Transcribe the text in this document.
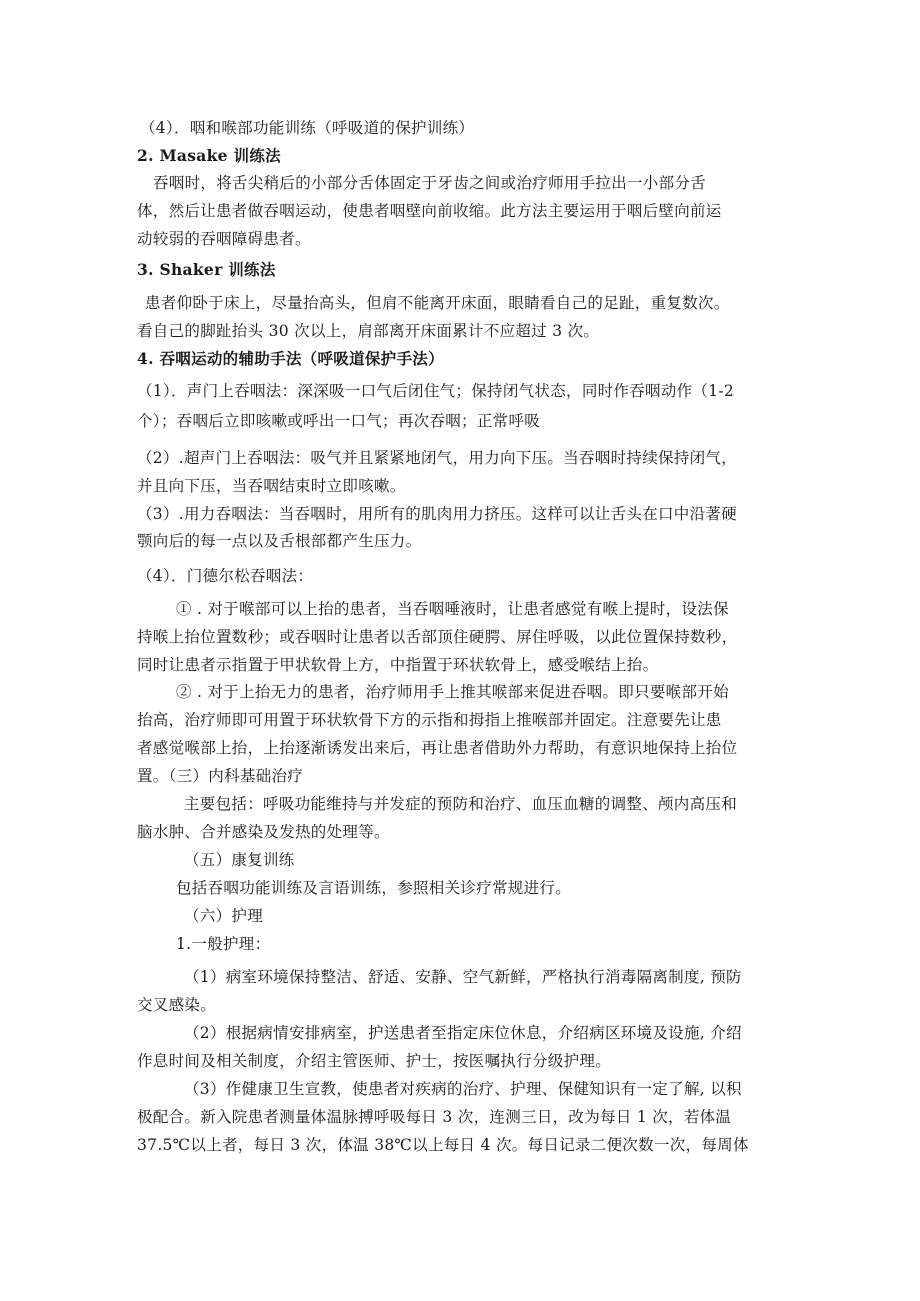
（4）．咽和喉部功能训练（呼吸道的保护训练）
2. Masake 训练法
吞咽时，将舌尖稍后的小部分舌体固定于牙齿之间或治疗师用手拉出一小部分舌
体，然后让患者做吞咽运动，使患者咽壁向前收缩。此方法主要运用于咽后壁向前运
动较弱的吞咽障碍患者。
3. Shaker 训练法
患者仰卧于床上，尽量抬高头，但肩不能离开床面，眼睛看自己的足趾，重复数次。
看自己的脚趾抬头 30 次以上，肩部离开床面累计不应超过 3 次。
4. 吞咽运动的辅助手法（呼吸道保护手法）
（1）．声门上吞咽法：深深吸一口气后闭住气；保持闭气状态，同时作吞咽动作（1-2
个）；吞咽后立即咳嗽或呼出一口气；再次吞咽；正常呼吸
（2）.超声门上吞咽法：吸气并且紧紧地闭气，用力向下压。当吞咽时持续保持闭气，
并且向下压，当吞咽结束时立即咳嗽。
（3）.用力吞咽法：当吞咽时，用所有的肌肉用力挤压。这样可以让舌头在口中沿著硬
颚向后的每一点以及舌根部都产生压力。
（4）．门德尔松吞咽法：
① . 对于喉部可以上抬的患者，当吞咽唾液时，让患者感觉有喉上提时，设法保
持喉上抬位置数秒；或吞咽时让患者以舌部顶住硬腭、屏住呼吸，以此位置保持数秒，
同时让患者示指置于甲状软骨上方，中指置于环状软骨上，感受喉结上抬。
② . 对于上抬无力的患者，治疗师用手上推其喉部来促进吞咽。即只要喉部开始
抬高，治疗师即可用置于环状软骨下方的示指和拇指上推喉部并固定。注意要先让患
者感觉喉部上抬，上抬逐渐诱发出来后，再让患者借助外力帮助，有意识地保持上抬位
置。（三）内科基础治疗
主要包括：呼吸功能维持与并发症的预防和治疗、血压血糖的调整、颅内高压和
脑水肿、合并感染及发热的处理等。
（五）康复训练
包括吞咽功能训练及言语训练，参照相关诊疗常规进行。
（六）护理
1.一般护理：
（1）病室环境保持整洁、舒适、安静、空气新鲜，严格执行消毒隔离制度, 预防
交叉感染。
（2）根据病情安排病室，护送患者至指定床位休息，介绍病区环境及设施, 介绍
作息时间及相关制度，介绍主管医师、护士，按医嘱执行分级护理。
（3）作健康卫生宣教，使患者对疾病的治疗、护理、保健知识有一定了解, 以积
极配合。新入院患者测量体温脉搏呼吸每日 3 次，连测三日，改为每日 1 次，若体温
37.5℃以上者，每日 3 次，体温 38℃以上每日 4 次。每日记录二便次数一次，每周体
